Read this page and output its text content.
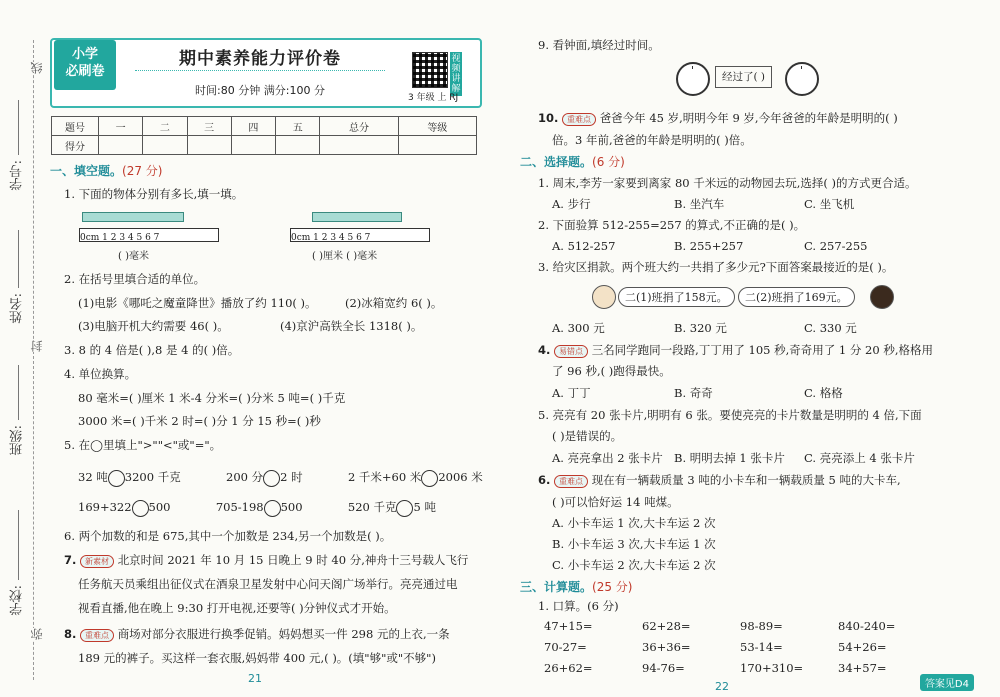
线
学号:
姓名:
封
班级:
学校:
弥
小学
必刷卷
期中素养能力评价卷
时间:80 分钟 满分:100 分
视频讲解
3 年级 上 RJ
题号	一	二	三	四	五	总分	等级
得分							
一、填空题。(27 分)
1. 下面的物体分别有多长,填一填。
0cm 1 2 3 4 5 6 7	0cm 1 2 3 4 5 6 7
( )毫米	( )厘米 ( )毫米
2. 在括号里填合适的单位。
(1)电影《哪吒之魔童降世》播放了约 110( )。 (2)冰箱宽约 6( )。
(3)电脑开机大约需要 46( )。	(4)京沪高铁全长 1318( )。
3. 8 的 4 倍是( ),8 是 4 的( )倍。
4. 单位换算。
80 毫米=( )厘米 1 米-4 分米=( )分米 5 吨=( )千克
3000 米=( )千米 2 时=( )分 1 分 15 秒=( )秒
5. 在◯里填上">""<"或"="。
32 吨 3200 千克	200 分 2 时	2 千米+60 米 2006 米
169+322 500	705-198 500	520 千克 5 吨
6. 两个加数的和是 675,其中一个加数是 234,另一个加数是( )。
7. 新素材 北京时间 2021 年 10 月 15 日晚上 9 时 40 分,神舟十三号载人飞行
任务航天员乘组出征仪式在酒泉卫星发射中心问天阁广场举行。亮亮通过电
视看直播,他在晚上 9:30 打开电视,还要等( )分钟仪式才开始。
8. 重难点 商场对部分衣服进行换季促销。妈妈想买一件 298 元的上衣,一条
189 元的裤子。买这样一套衣服,妈妈带 400 元,( )。(填"够"或"不够")
21
9. 看钟面,填经过时间。
经过了( )
10. 重难点 爸爸今年 45 岁,明明今年 9 岁,今年爸爸的年龄是明明的( )
倍。3 年前,爸爸的年龄是明明的( )倍。
二、选择题。(6 分)
1. 周末,李芳一家要到离家 80 千米远的动物园去玩,选择( )的方式更合适。
A. 步行	B. 坐汽车	C. 坐飞机
2. 下面验算 512-255=257 的算式,不正确的是( )。
A. 512-257	B. 255+257	C. 257-255
3. 给灾区捐款。两个班大约一共捐了多少元?下面答案最接近的是( )。
二(1)班捐了158元。	二(2)班捐了169元。
A. 300 元	B. 320 元	C. 330 元
4. 易错点 三名同学跑同一段路,丁丁用了 105 秒,奇奇用了 1 分 20 秒,格格用
了 96 秒,( )跑得最快。
A. 丁丁	B. 奇奇	C. 格格
5. 亮亮有 20 张卡片,明明有 6 张。要使亮亮的卡片数量是明明的 4 倍,下面
( )是错误的。
A. 亮亮拿出 2 张卡片 B. 明明去掉 1 张卡片 C. 亮亮添上 4 张卡片
6. 重难点 现在有一辆载质量 3 吨的小卡车和一辆载质量 5 吨的大卡车,
( )可以恰好运 14 吨煤。
A. 小卡车运 1 次,大卡车运 2 次
B. 小卡车运 3 次,大卡车运 1 次
C. 小卡车运 2 次,大卡车运 2 次
三、计算题。(25 分)
1. 口算。(6 分)
47+15=	62+28=	98-89=	840-240=
70-27=	36+36=	53-14=	54+26=
26+62=	94-76=	170+310=	34+57=
22	答案见D4
